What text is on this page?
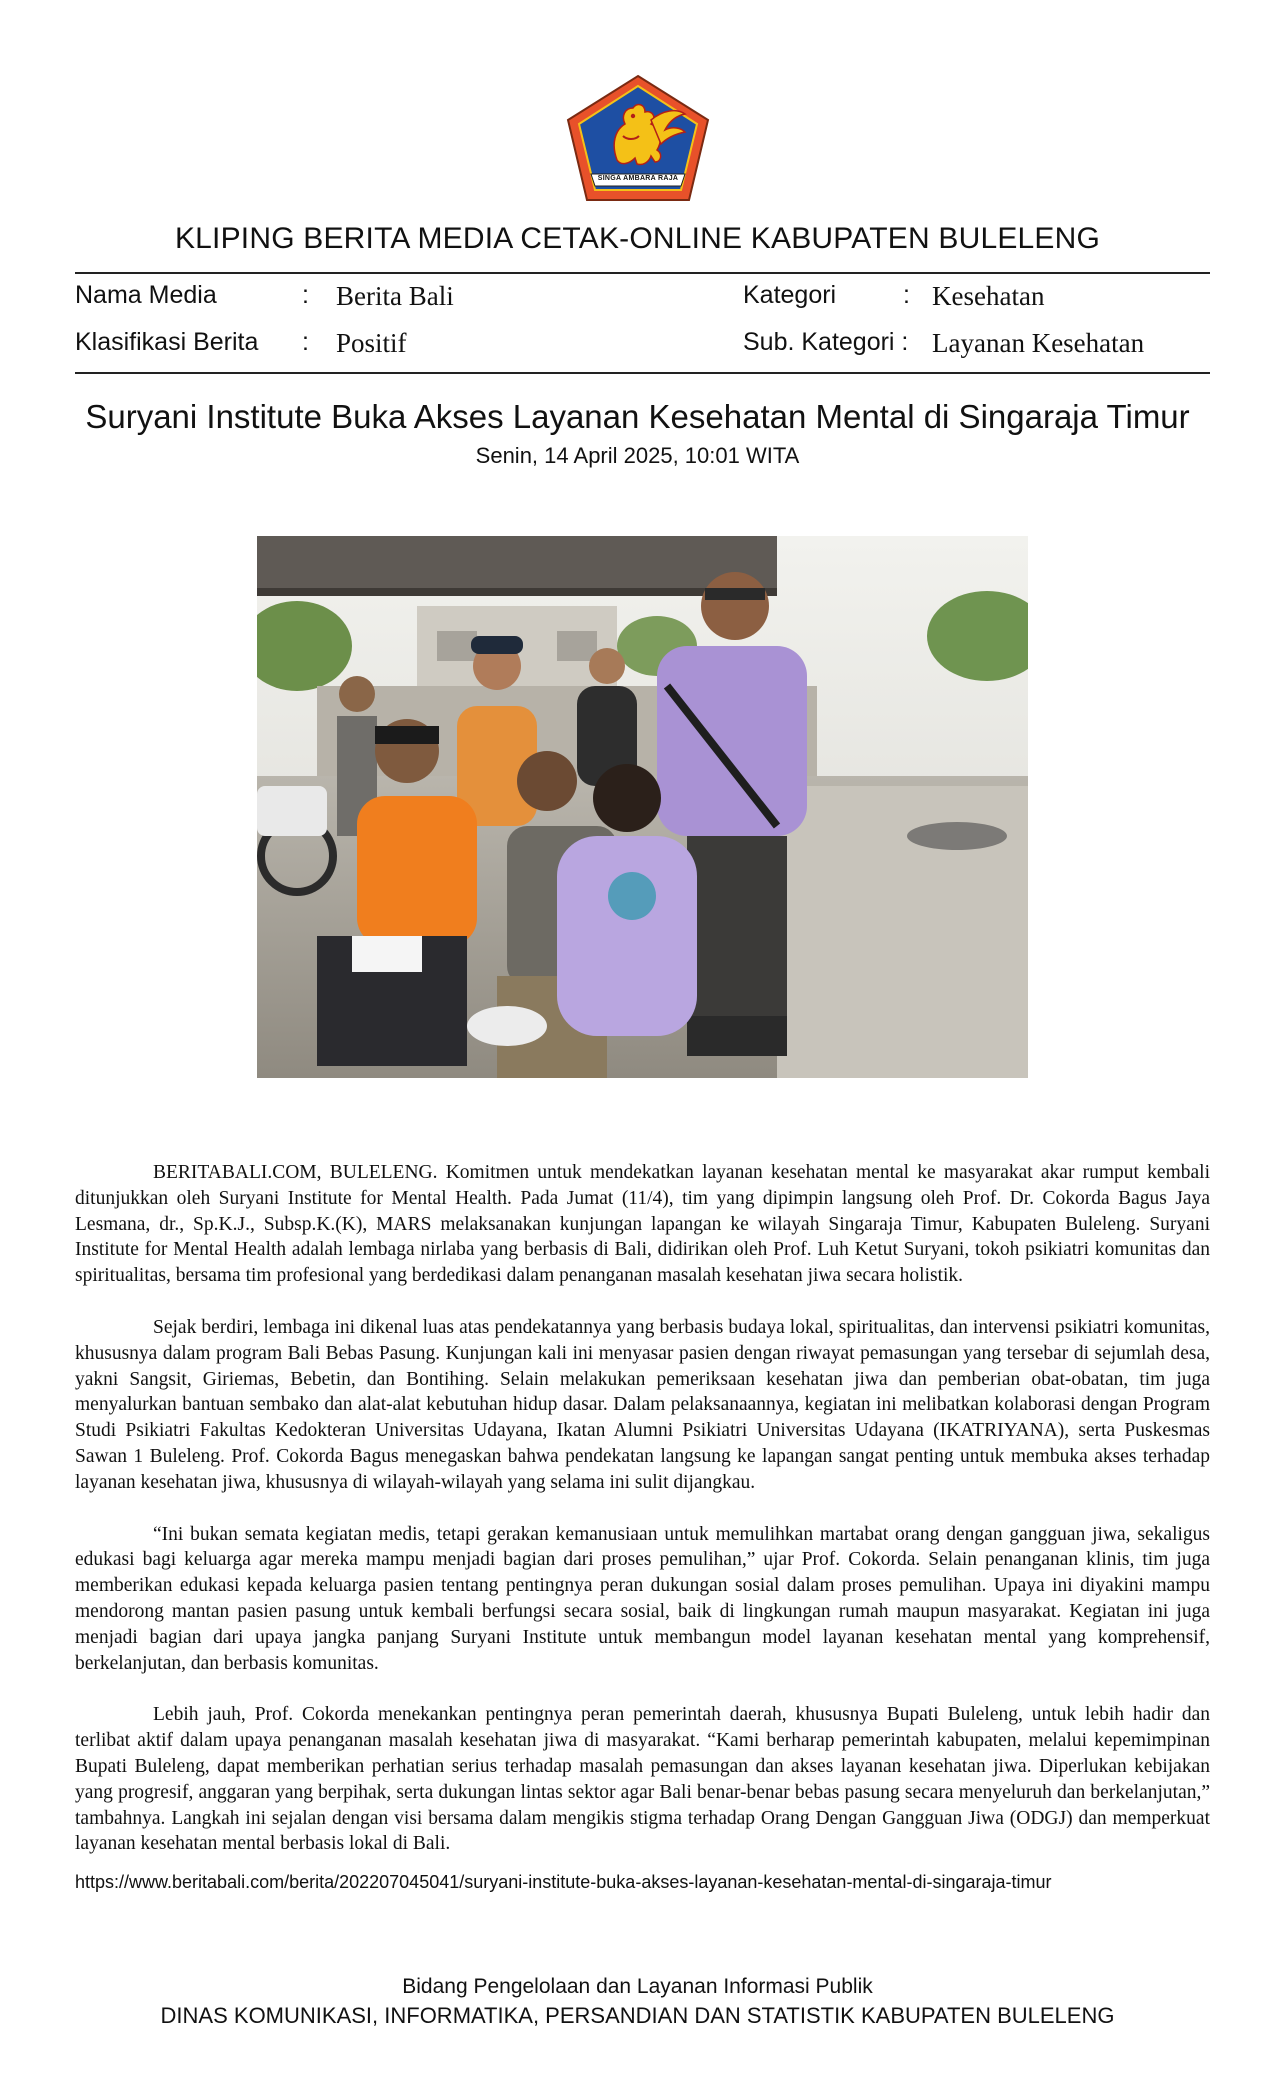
SINGA AMBARA RAJA
KLIPING BERITA MEDIA CETAK-ONLINE KABUPATEN BULELENG
Nama Media	: Berita Bali	Kategori	: Kesehatan
Klasifikasi Berita : Positif	Sub. Kategori : Layanan Kesehatan
Suryani Institute Buka Akses Layanan Kesehatan Mental di Singaraja Timur
Senin, 14 April 2025, 10:01 WITA

BERITABALI.COM, BULELENG. Komitmen untuk mendekatkan layanan kesehatan mental ke masyarakat akar rumput kembali ditunjukkan oleh Suryani Institute for Mental Health. Pada Jumat (11/4), tim yang dipimpin langsung oleh Prof. Dr. Cokorda Bagus Jaya Lesmana, dr., Sp.K.J., Subsp.K.(K), MARS melaksanakan kunjungan lapangan ke wilayah Singaraja Timur, Kabupaten Buleleng. Suryani Institute for Mental Health adalah lembaga nirlaba yang berbasis di Bali, didirikan oleh Prof. Luh Ketut Suryani, tokoh psikiatri komunitas dan spiritualitas, bersama tim profesional yang berdedikasi dalam penanganan masalah kesehatan jiwa secara holistik.

Sejak berdiri, lembaga ini dikenal luas atas pendekatannya yang berbasis budaya lokal, spiritualitas, dan intervensi psikiatri komunitas, khususnya dalam program Bali Bebas Pasung. Kunjungan kali ini menyasar pasien dengan riwayat pemasungan yang tersebar di sejumlah desa, yakni Sangsit, Giriemas, Bebetin, dan Bontihing. Selain melakukan pemeriksaan kesehatan jiwa dan pemberian obat-obatan, tim juga menyalurkan bantuan sembako dan alat-alat kebutuhan hidup dasar. Dalam pelaksanaannya, kegiatan ini melibatkan kolaborasi dengan Program Studi Psikiatri Fakultas Kedokteran Universitas Udayana, Ikatan Alumni Psikiatri Universitas Udayana (IKATRIYANA), serta Puskesmas Sawan 1 Buleleng. Prof. Cokorda Bagus menegaskan bahwa pendekatan langsung ke lapangan sangat penting untuk membuka akses terhadap layanan kesehatan jiwa, khususnya di wilayah-wilayah yang selama ini sulit dijangkau.

“Ini bukan semata kegiatan medis, tetapi gerakan kemanusiaan untuk memulihkan martabat orang dengan gangguan jiwa, sekaligus edukasi bagi keluarga agar mereka mampu menjadi bagian dari proses pemulihan,” ujar Prof. Cokorda. Selain penanganan klinis, tim juga memberikan edukasi kepada keluarga pasien tentang pentingnya peran dukungan sosial dalam proses pemulihan. Upaya ini diyakini mampu mendorong mantan pasien pasung untuk kembali berfungsi secara sosial, baik di lingkungan rumah maupun masyarakat. Kegiatan ini juga menjadi bagian dari upaya jangka panjang Suryani Institute untuk membangun model layanan kesehatan mental yang komprehensif, berkelanjutan, dan berbasis komunitas.

Lebih jauh, Prof. Cokorda menekankan pentingnya peran pemerintah daerah, khususnya Bupati Buleleng, untuk lebih hadir dan terlibat aktif dalam upaya penanganan masalah kesehatan jiwa di masyarakat. “Kami berharap pemerintah kabupaten, melalui kepemimpinan Bupati Buleleng, dapat memberikan perhatian serius terhadap masalah pemasungan dan akses layanan kesehatan jiwa. Diperlukan kebijakan yang progresif, anggaran yang berpihak, serta dukungan lintas sektor agar Bali benar-benar bebas pasung secara menyeluruh dan berkelanjutan,” tambahnya. Langkah ini sejalan dengan visi bersama dalam mengikis stigma terhadap Orang Dengan Gangguan Jiwa (ODGJ) dan memperkuat layanan kesehatan mental berbasis lokal di Bali.

https://www.beritabali.com/berita/202207045041/suryani-institute-buka-akses-layanan-kesehatan-mental-di-singaraja-timur
Bidang Pengelolaan dan Layanan Informasi Publik
DINAS KOMUNIKASI, INFORMATIKA, PERSANDIAN DAN STATISTIK KABUPATEN BULELENG
